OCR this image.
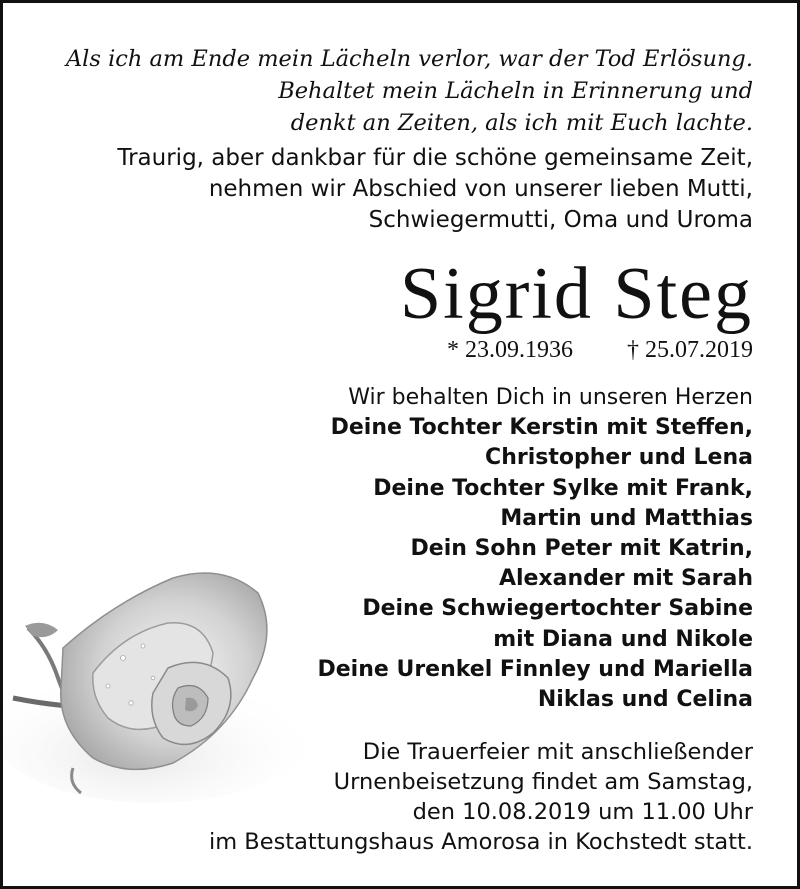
Als ich am Ende mein Lächeln verlor, war der Tod Erlösung.
Behaltet mein Lächeln in Erinnerung und
denkt an Zeiten, als ich mit Euch lachte.
Traurig, aber dankbar für die schöne gemeinsame Zeit,
nehmen wir Abschied von unserer lieben Mutti,
Schwiegermutti, Oma und Uroma
Sigrid Steg
* 23.09.1936 † 25.07.2019
Wir behalten Dich in unseren Herzen
Deine Tochter Kerstin mit Steffen,
Christopher und Lena
Deine Tochter Sylke mit Frank,
Martin und Matthias
Dein Sohn Peter mit Katrin,
Alexander mit Sarah
Deine Schwiegertochter Sabine
mit Diana und Nikole
Deine Urenkel Finnley und Mariella
Niklas und Celina
Die Trauerfeier mit anschließender
Urnenbeisetzung findet am Samstag,
den 10.08.2019 um 11.00 Uhr
im Bestattungshaus Amorosa in Kochstedt statt.
